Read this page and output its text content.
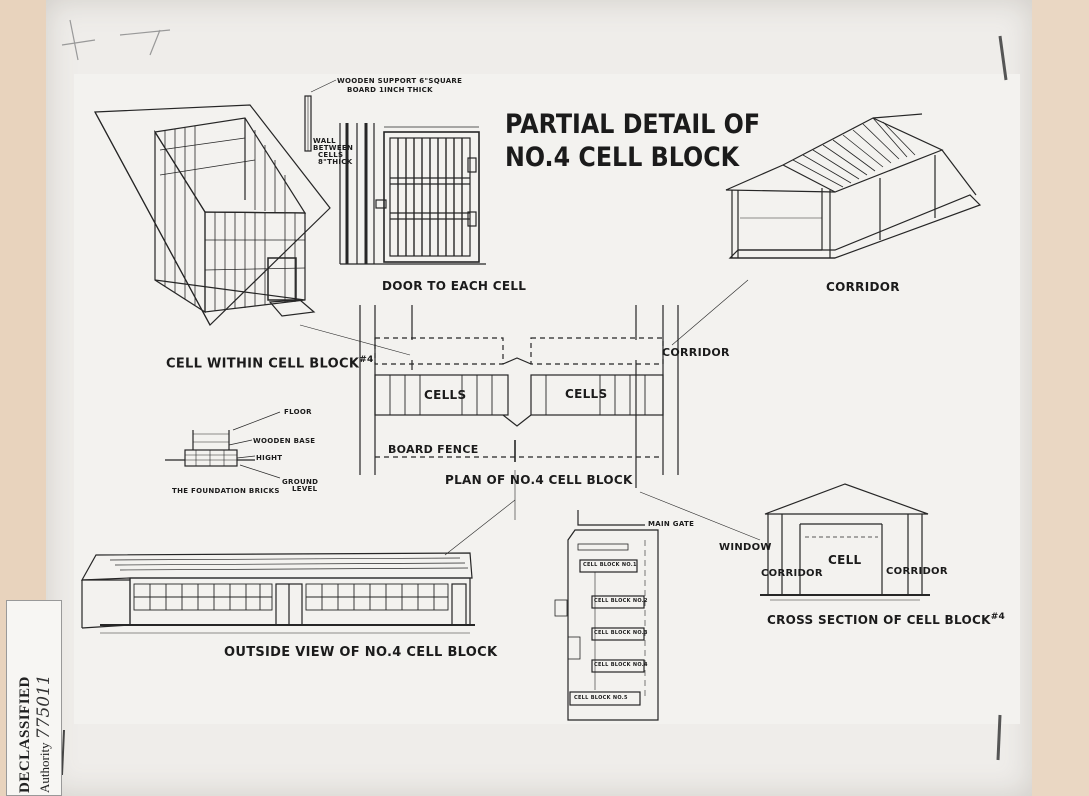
PARTIAL DETAIL OF
NO.4 CELL BLOCK
DOOR TO EACH CELL	CORRIDOR
CELL WITHIN CELL BLOCK$^{\#4}$
CORRIDOR
CELLS	CELLS
BOARD FENCE
PLAN OF NO.4 CELL BLOCK
OUTSIDE VIEW OF NO.4 CELL BLOCK
WINDOW
CELL
CORRIDOR	CORRIDOR
CROSS SECTION OF CELL BLOCK$^{\#4}$
MAIN GATE
WOODEN SUPPORT 6"SQUARE
BOARD 1INCH THICK
WALL
BETWEEN
CELLS
8"THICK
FLOOR
WOODEN BASE
HIGHT
GROUND
LEVEL
THE FOUNDATION BRICKS
CELL BLOCK NO.1
CELL BLOCK NO.2
CELL BLOCK NO.3
CELL BLOCK NO.4
CELL BLOCK NO.5
DECLASSIFIED Authority 775011
